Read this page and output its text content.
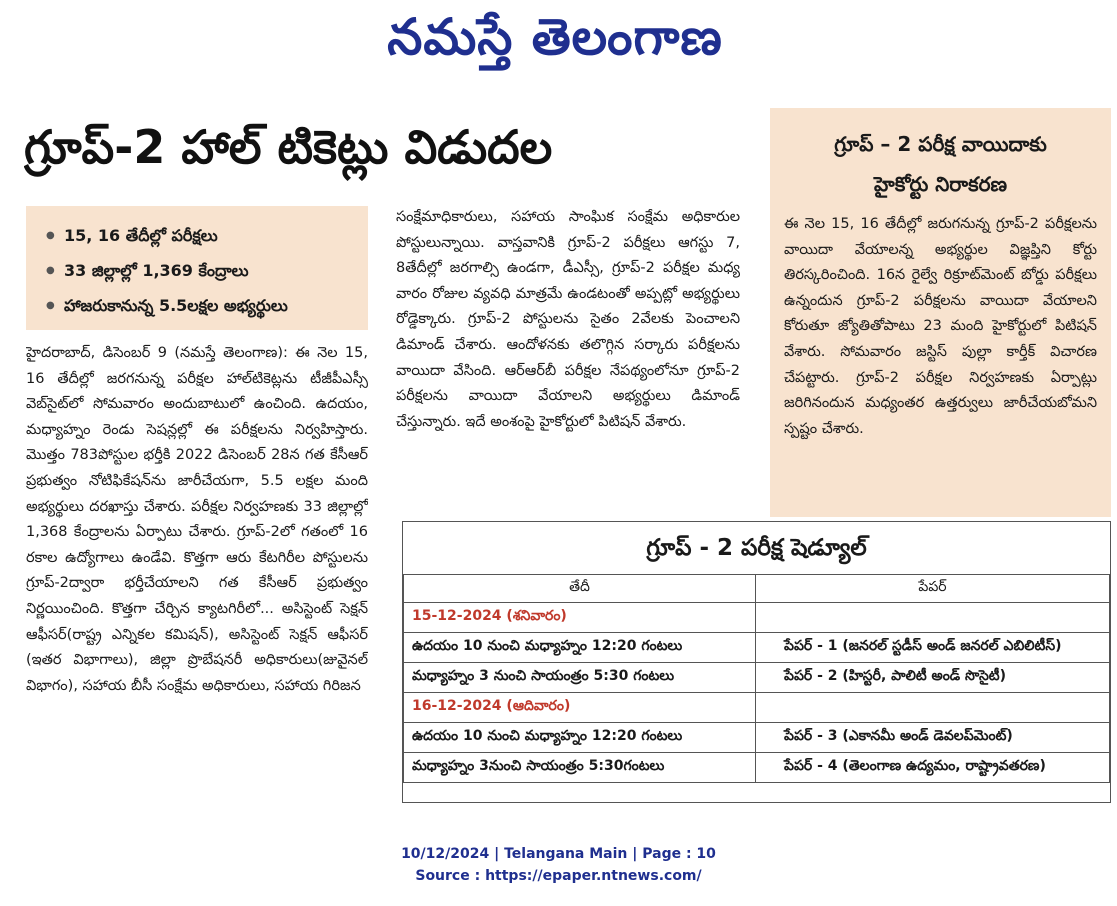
నమస్తే తెలంగాణ
గ్రూప్-2 హాల్ టికెట్లు విడుదల
● 15, 16 తేదీల్లో పరీక్షలు
● 33 జిల్లాల్లో 1,369 కేంద్రాలు
● హాజరుకానున్న 5.5లక్షల అభ్యర్థులు
హైదరాబాద్, డిసెంబర్ 9 (నమస్తే తెలంగాణ): ఈ నెల 15, 16 తేదీల్లో జరగనున్న పరీక్షల హాల్‌టికెట్లను టీజీపీఎస్సీ వెబ్‌సైట్‌లో సోమవారం అందుబాటులో ఉంచింది. ఉదయం, మధ్యాహ్నం రెండు సెషన్లల్లో ఈ పరీక్షలను నిర్వహిస్తారు. మొత్తం 783పోస్టుల భర్తీకి 2022 డిసెంబర్ 28న గత కేసీఆర్ ప్రభుత్వం నోటిఫికేషన్‌ను జారీచేయగా, 5.5 లక్షల మంది అభ్యర్థులు దరఖాస్తు చేశారు. పరీక్షల నిర్వహణకు 33 జిల్లాల్లో 1,368 కేంద్రాలను ఏర్పాటు చేశారు. గ్రూప్-2లో గతంలో 16 రకాల ఉద్యోగాలు ఉండేవి. కొత్తగా ఆరు కేటగిరీల పోస్టులను గ్రూప్-2ద్వారా భర్తీచేయాలని గత కేసీఆర్ ప్రభుత్వం నిర్ణయించింది. కొత్తగా చేర్చిన క్యాటగిరీలో... అసిస్టెంట్ సెక్షన్ ఆఫీసర్(రాష్ట్ర ఎన్నికల కమిషన్), అసిస్టెంట్ సెక్షన్ ఆఫీసర్ (ఇతర విభాగాలు), జిల్లా ప్రొబేషనరీ అధికారులు(జువైనల్ విభాగం), సహాయ బీసీ సంక్షేమ అధికారులు, సహాయ గిరిజన
సంక్షేమాధికారులు, సహాయ సాంఘిక సంక్షేమ అధికారుల పోస్టులున్నాయి. వాస్తవానికి గ్రూప్-2 పరీక్షలు ఆగస్టు 7, 8తేదీల్లో జరగాల్సి ఉండగా, డీఎస్సీ, గ్రూప్-2 పరీక్షల మధ్య వారం రోజుల వ్యవధి మాత్రమే ఉండటంతో అప్పట్లో అభ్యర్థులు రోడ్డెక్కారు. గ్రూప్-2 పోస్టులను సైతం 2వేలకు పెంచాలని డిమాండ్ చేశారు. ఆందోళనకు తలొగ్గిన సర్కారు పరీక్షలను వాయిదా వేసింది. ఆర్‌ఆర్‌బీ పరీక్షల నేపథ్యంలోనూ గ్రూప్-2 పరీక్షలను వాయిదా వేయాలని అభ్యర్థులు డిమాండ్ చేస్తున్నారు. ఇదే అంశంపై హైకోర్టులో పిటిషన్ వేశారు.
గ్రూప్ – 2 పరీక్ష వాయిదాకు
హైకోర్టు నిరాకరణ

ఈ నెల 15, 16 తేదీల్లో జరుగనున్న గ్రూప్-2 పరీక్షలను వాయిదా వేయాలన్న అభ్యర్థుల విజ్ఞప్తిని కోర్టు తిరస్కరించింది. 16న రైల్వే రిక్రూట్‌మెంట్ బోర్డు పరీక్షలు ఉన్నందున గ్రూప్-2 పరీక్షలను వాయిదా వేయాలని కోరుతూ జ్యోతితోపాటు 23 మంది హైకోర్టులో పిటిషన్ వేశారు. సోమవారం జస్టిస్ పుల్లా కార్తీక్ విచారణ చేపట్టారు. గ్రూప్-2 పరీక్షల నిర్వహణకు ఏర్పాట్లు జరిగినందున మధ్యంతర ఉత్తర్వులు జారీచేయబోమని స్పష్టం చేశారు.

గ్రూప్ - 2 పరీక్ష షెడ్యూల్
తేదీ	పేపర్
15-12-2024 (శనివారం)	
ఉదయం 10 నుంచి మధ్యాహ్నం 12:20 గంటలు	పేపర్ - 1 (జనరల్ స్టడీస్ అండ్ జనరల్ ఎబిలిటీస్)
మధ్యాహ్నం 3 నుంచి సాయంత్రం 5:30 గంటలు	పేపర్ - 2 (హిస్టరీ, పాలిటీ అండ్ సొసైటీ)
16-12-2024 (ఆదివారం)	
ఉదయం 10 నుంచి మధ్యాహ్నం 12:20 గంటలు	పేపర్ - 3 (ఎకానమీ అండ్ డెవలప్‌మెంట్)
మధ్యాహ్నం 3నుంచి సాయంత్రం 5:30గంటలు	పేపర్ - 4 (తెలంగాణ ఉద్యమం, రాష్ట్రావతరణ)
10/12/2024 | Telangana Main | Page : 10
Source : https://epaper.ntnews.com/
